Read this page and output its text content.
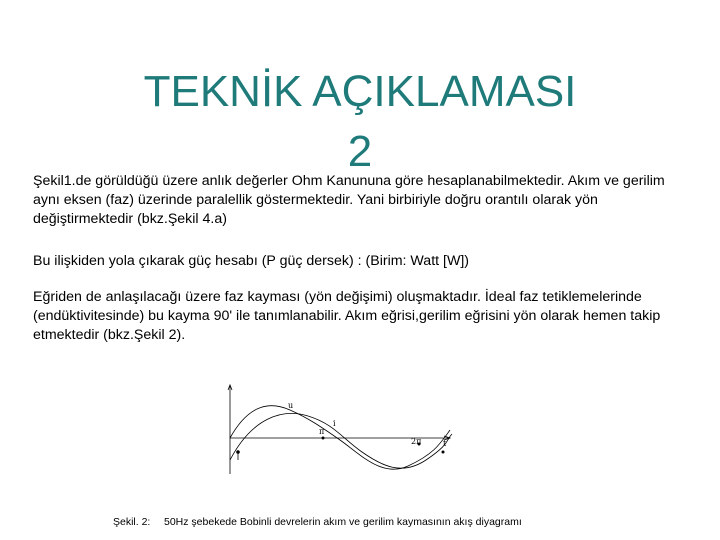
TEKNİK AÇIKLAMASI
2

Şekil1.de görüldüğü üzere anlık değerler Ohm Kanununa göre hesaplanabilmektedir. Akım ve gerilim aynı eksen (faz) üzerinde paralellik göstermektedir. Yani birbiriyle doğru orantılı olarak yön değiştirmektedir (bkz.Şekil 4.a)

Bu ilişkiden yola çıkarak güç hesabı (P güç dersek) : (Birim: Watt [W])

Eğriden de anlaşılacağı üzere faz kayması (yön değişimi) oluşmaktadır. İdeal faz tetiklemelerinde (endüktivitesinde) bu kayma 90' ile tanımlanabilir. Akım eğrisi,gerilim eğrisini yön olarak hemen takip etmektedir (bkz.Şekil 2).

u
i
π
2π	t
Şekil. 2: 50Hz şebekede Bobinli devrelerin akım ve gerilim kaymasının akış diyagramı
